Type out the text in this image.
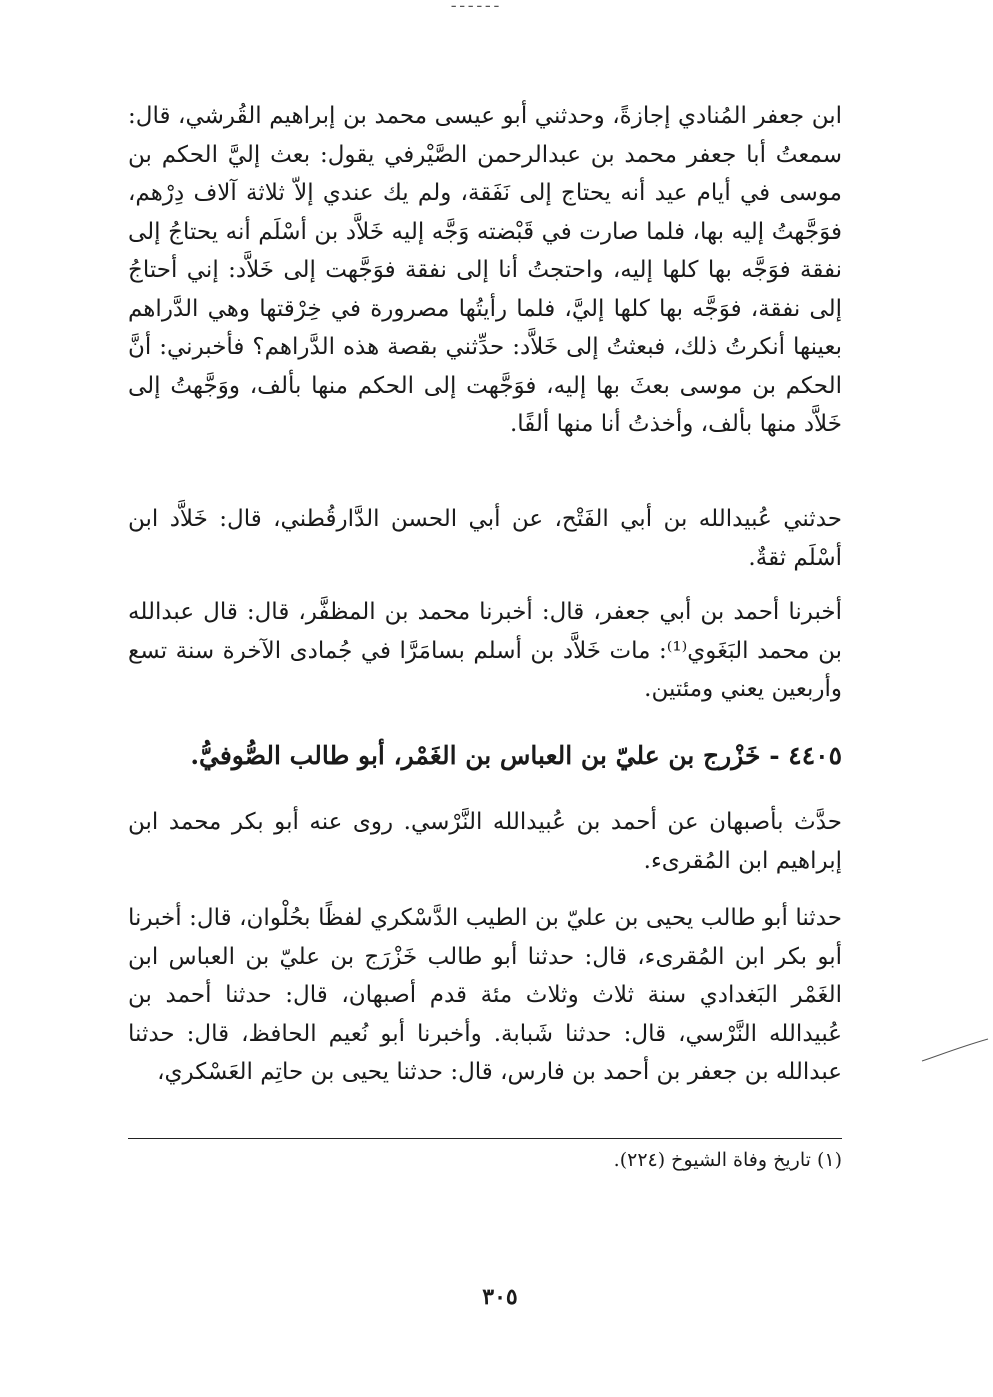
ـ ـ ـ ـ ـ ـ
ابن جعفر المُنادي إجازةً، وحدثني أبو عيسى محمد بن إبراهيم القُرشي، قال: سمعتُ أبا جعفر محمد بن عبدالرحمن الصَّيْرفي يقول: بعث إليَّ الحكم بن موسى في أيام عيد أنه يحتاج إلى نَفَقة، ولم يك عندي إلاّ ثلاثة آلاف دِرْهم، فوَجَّهتُ إليه بها، فلما صارت في قَبْضته وَجَّه إليه خَلاَّد بن أسْلَم أنه يحتاجُ إلى نفقة فوَجَّه بها كلها إليه، واحتجتُ أنا إلى نفقة فوَجَّهت إلى خَلاَّد: إني أحتاجُ إلى نفقة، فوَجَّه بها كلها إليَّ، فلما رأيتُها مصرورة في خِرْقتها وهي الدَّراهم بعينها أنكرتُ ذلك، فبعثتُ إلى خَلاَّد: حدِّثني بقصة هذه الدَّراهم؟ فأخبرني: أنَّ الحكم بن موسى بعثَ بها إليه، فوَجَّهت إلى الحكم منها بألف، ووَجَّهتُ إلى خَلاَّد منها بألف، وأخذتُ أنا منها ألفًا.
حدثني عُبيدالله بن أبي الفَتْح، عن أبي الحسن الدَّارقُطني، قال: خَلاَّد ابن أسْلَم ثقةٌ.
أخبرنا أحمد بن أبي جعفر، قال: أخبرنا محمد بن المظفَّر، قال: قال عبدالله بن محمد البَغَوي⁽¹⁾: مات خَلاَّد بن أسلم بسامَرَّا في جُمادى الآخرة سنة تسع وأربعين يعني ومئتين.
٤٤٠٥ - خَزْرج بن عليّ بن العباس بن الغَمْر، أبو طالب الصُّوفيُّ.
حدَّث بأصبهان عن أحمد بن عُبيدالله النَّرْسي. روى عنه أبو بكر محمد ابن إبراهيم ابن المُقرىء.
حدثنا أبو طالب يحيى بن عليّ بن الطيب الدَّسْكري لفظًا بحُلْوان، قال: أخبرنا أبو بكر ابن المُقرىء، قال: حدثنا أبو طالب خَزْرَج بن عليّ بن العباس ابن الغَمْر البَغدادي سنة ثلاث وثلاث مئة قدم أصبهان، قال: حدثنا أحمد بن عُبيدالله النَّرْسي، قال: حدثنا شَبابة. وأخبرنا أبو نُعيم الحافظ، قال: حدثنا عبدالله بن جعفر بن أحمد بن فارس، قال: حدثنا يحيى بن حاتِم العَسْكري،
(١) تاريخ وفاة الشيوخ (٢٢٤).
٣٠٥
